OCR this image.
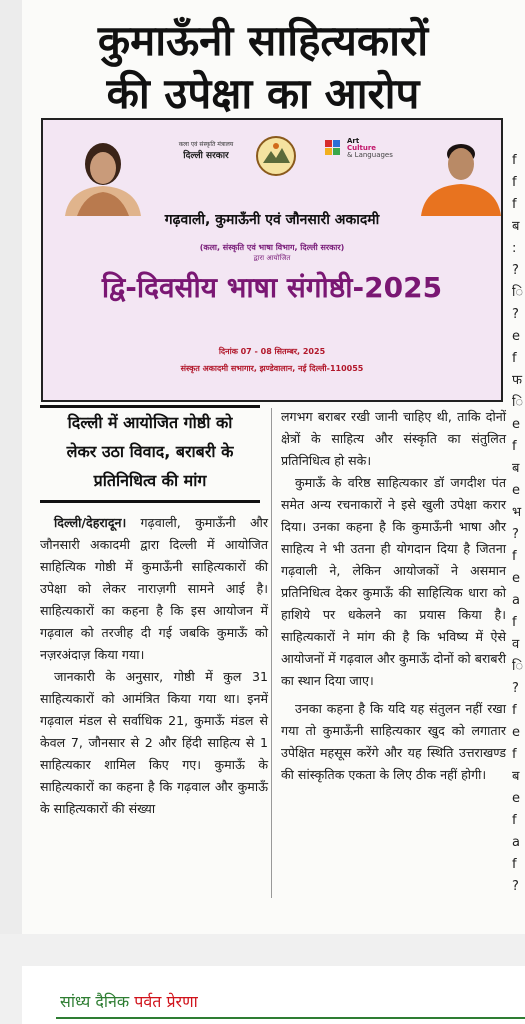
कुमाऊँनी साहित्यकारों
की उपेक्षा का आरोप
कला एवं संस्कृति मंत्रालय
दिल्ली सरकार
Art
Culture
& Languages
गढ़वाली, कुमाऊँनी एवं जौनसारी अकादमी
(कला, संस्कृति एवं भाषा विभाग, दिल्ली सरकार)
द्वारा आयोजित
द्वि-दिवसीय भाषा संगोष्ठी-2025
दिनांक 07 - 08 सितम्बर, 2025
संस्कृत अकादमी सभागार, झण्डेवालान, नई दिल्ली-110055
दिल्ली में आयोजित गोष्ठी को
लेकर उठा विवाद, बराबरी के
प्रतिनिधित्व की मांग

दिल्ली/देहरादून। गढ़वाली, कुमाऊँनी और जौनसारी अकादमी द्वारा दिल्ली में आयोजित साहित्यिक गोष्ठी में कुमाऊँनी साहित्यकारों की उपेक्षा को लेकर नाराज़गी सामने आई है। साहित्यकारों का कहना है कि इस आयोजन में गढ़वाल को तरजीह दी गई जबकि कुमाऊँ को नज़रअंदाज़ किया गया।

जानकारी के अनुसार, गोष्ठी में कुल 31 साहित्यकारों को आमंत्रित किया गया था। इनमें गढ़वाल मंडल से सर्वाधिक 21, कुमाऊँ मंडल से केवल 7, जौनसार से 2 और हिंदी साहित्य से 1 साहित्यकार शामिल किए गए। कुमाऊँ के साहित्यकारों का कहना है कि गढ़वाल और कुमाऊँ के साहित्यकारों की संख्या

लगभग बराबर रखी जानी चाहिए थी, ताकि दोनों क्षेत्रों के साहित्य और संस्कृति का संतुलित प्रतिनिधित्व हो सके।

कुमाऊँ के वरिष्ठ साहित्यकार डॉ जगदीश पंत समेत अन्य रचनाकारों ने इसे खुली उपेक्षा करार दिया। उनका कहना है कि कुमाऊँनी भाषा और साहित्य ने भी उतना ही योगदान दिया है जितना गढ़वाली ने, लेकिन आयोजकों ने असमान प्रतिनिधित्व देकर कुमाऊँ की साहित्यिक धारा को हाशिये पर धकेलने का प्रयास किया है। साहित्यकारों ने मांग की है कि भविष्य में ऐसे आयोजनों में गढ़वाल और कुमाऊँ दोनों को बराबरी का स्थान दिया जाए।

उनका कहना है कि यदि यह संतुलन नहीं रखा गया तो कुमाऊँनी साहित्यकार खुद को लगातार उपेक्षित महसूस करेंगे और यह स्थिति उत्तराखण्ड की सांस्कृतिक एकता के लिए ठीक नहीं होगी।

f
f
f
ब
:
?
ि
?
e
f
फ
ि
e
f
ब
e
भ
?
f
e
a
f
व
ि
?
f
e
f
ब
e
f
a
f
?
सांध्य दैनिक पर्वत प्रेरणा
